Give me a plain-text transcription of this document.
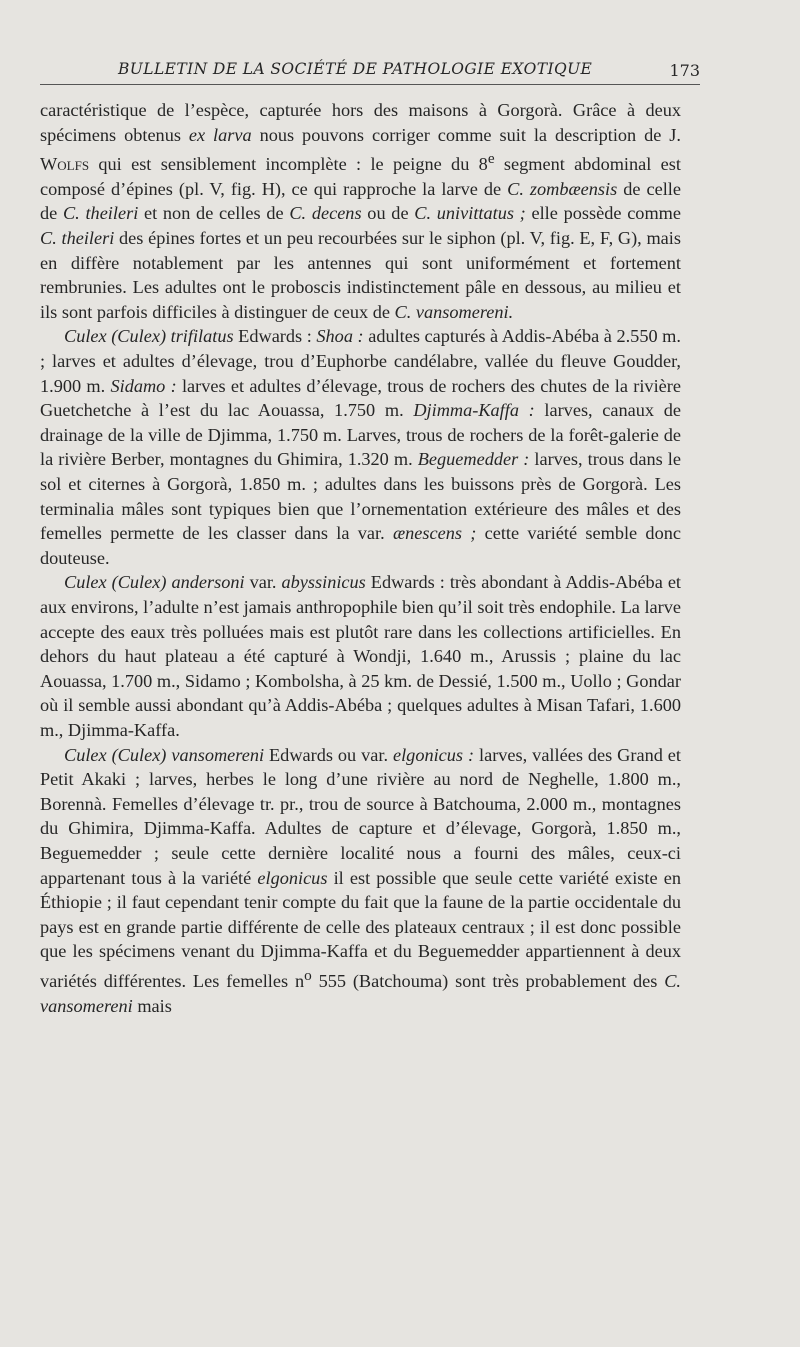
BULLETIN DE LA SOCIÉTÉ DE PATHOLOGIE EXOTIQUE	173

caractéristique de l’espèce, capturée hors des maisons à Gorgorà. Grâce à deux spécimens obtenus ex larva nous pouvons corriger comme suit la description de J. Wolfs qui est sensiblement incomplète : le peigne du 8e segment abdominal est composé d’épines (pl. V, fig. H), ce qui rapproche la larve de C. zombæensis de celle de C. theileri et non de celles de C. decens ou de C. univittatus ; elle possède comme C. theileri des épines fortes et un peu recourbées sur le siphon (pl. V, fig. E, F, G), mais en diffère notablement par les antennes qui sont uniformément et fortement rembrunies. Les adultes ont le proboscis indistinctement pâle en dessous, au milieu et ils sont parfois difficiles à distinguer de ceux de C. vansomereni.

Culex (Culex) trifilatus Edwards : Shoa : adultes capturés à Addis-Abéba à 2.550 m. ; larves et adultes d’élevage, trou d’Euphorbe candélabre, vallée du fleuve Goudder, 1.900 m. Sidamo : larves et adultes d’élevage, trous de rochers des chutes de la rivière Guetchetche à l’est du lac Aouassa, 1.750 m. Djimma-Kaffa : larves, canaux de drainage de la ville de Djimma, 1.750 m. Larves, trous de rochers de la forêt-galerie de la rivière Berber, montagnes du Ghimira, 1.320 m. Beguemedder : larves, trous dans le sol et citernes à Gorgorà, 1.850 m. ; adultes dans les buissons près de Gorgorà. Les terminalia mâles sont typiques bien que l’ornementation extérieure des mâles et des femelles permette de les classer dans la var. ænescens ; cette variété semble donc douteuse.

Culex (Culex) andersoni var. abyssinicus Edwards : très abondant à Addis-Abéba et aux environs, l’adulte n’est jamais anthropophile bien qu’il soit très endophile. La larve accepte des eaux très polluées mais est plutôt rare dans les collections artificielles. En dehors du haut plateau a été capturé à Wondji, 1.640 m., Arussis ; plaine du lac Aouassa, 1.700 m., Sidamo ; Kombolsha, à 25 km. de Dessié, 1.500 m., Uollo ; Gondar où il semble aussi abondant qu’à Addis-Abéba ; quelques adultes à Misan Tafari, 1.600 m., Djimma-Kaffa.

Culex (Culex) vansomereni Edwards ou var. elgonicus : larves, vallées des Grand et Petit Akaki ; larves, herbes le long d’une rivière au nord de Neghelle, 1.800 m., Borennà. Femelles d’élevage tr. pr., trou de source à Batchouma, 2.000 m., montagnes du Ghimira, Djimma-Kaffa. Adultes de capture et d’élevage, Gorgorà, 1.850 m., Beguemedder ; seule cette dernière localité nous a fourni des mâles, ceux-ci appartenant tous à la variété elgonicus il est possible que seule cette variété existe en Éthiopie ; il faut cependant tenir compte du fait que la faune de la partie occidentale du pays est en grande partie différente de celle des plateaux centraux ; il est donc possible que les spécimens venant du Djimma-Kaffa et du Beguemedder appartiennent à deux variétés différentes. Les femelles $n^o$ 555 (Batchouma) sont très probablement des C. vansomereni mais
